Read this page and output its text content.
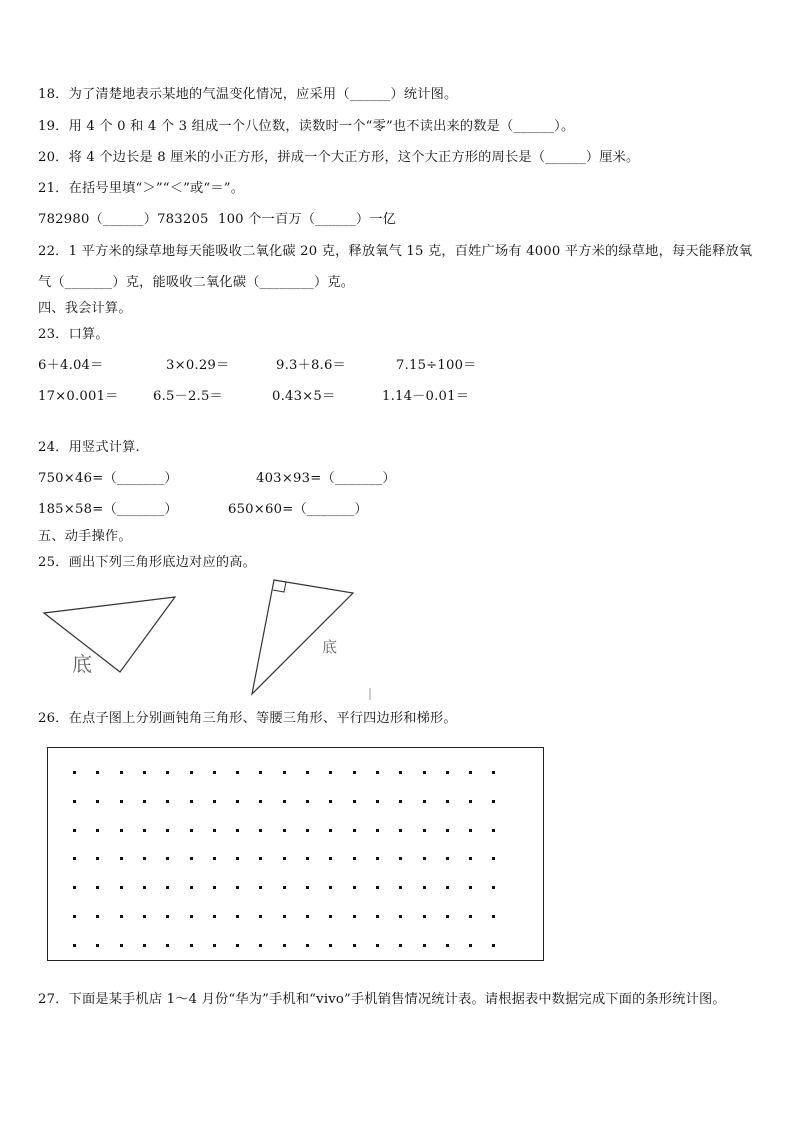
18．为了清楚地表示某地的气温变化情况，应采用（______）统计图。
19．用 4 个 0 和 4 个 3 组成一个八位数，读数时一个“零”也不读出来的数是（______）。
20．将 4 个边长是 8 厘米的小正方形，拼成一个大正方形，这个大正方形的周长是（______）厘米。
21．在括号里填“＞”“＜”或“＝”。
782980（______）783205 100 个一百万（______）一亿
22．1 平方米的绿草地每天能吸收二氧化碳 20 克，释放氧气 15 克，百姓广场有 4000 平方米的绿草地，每天能释放氧
气（_______）克，能吸收二氧化碳（________）克。
四、我会计算。
23．口算。
6＋4.04＝	3×0.29＝	9.3＋8.6＝	7.15÷100＝
17×0.001＝	6.5－2.5＝	0.43×5＝	1.14－0.01＝
24．用竖式计算.
750×46=（_______）	403×93=（_______）
185×58=（_______）	650×60=（_______）
五、动手操作。
25．画出下列三角形底边对应的高。
底
底
26．在点子图上分别画钝角三角形、等腰三角形、平行四边形和梯形。
27．下面是某手机店 1～4 月份“华为”手机和“vivo”手机销售情况统计表。请根据表中数据完成下面的条形统计图。
